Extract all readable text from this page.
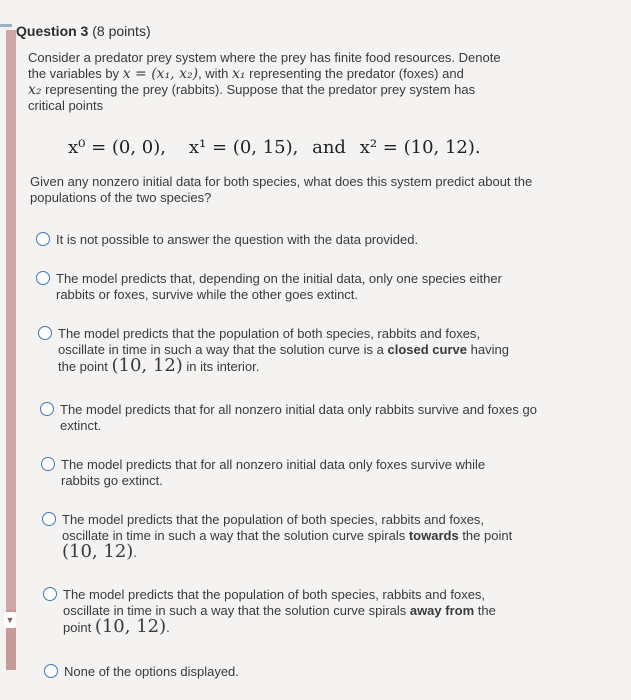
▼
Question 3 (8 points)
Consider a predator prey system where the prey has finite food resources. Denote
the variables by x = (x₁, x₂), with x₁ representing the predator (foxes) and
x₂ representing the prey (rabbits). Suppose that the predator prey system has
critical points
x⁰ = (0, 0), x¹ = (0, 15), and x² = (10, 12).
Given any nonzero initial data for both species, what does this system predict about the populations of the two species?
It is not possible to answer the question with the data provided.
The model predicts that, depending on the initial data, only one species either rabbits or foxes, survive while the other goes extinct.
The model predicts that the population of both species, rabbits and foxes, oscillate in time in such a way that the solution curve is a closed curve having the point (10, 12) in its interior.
The model predicts that for all nonzero initial data only rabbits survive and foxes go extinct.
The model predicts that for all nonzero initial data only foxes survive while rabbits go extinct.
The model predicts that the population of both species, rabbits and foxes, oscillate in time in such a way that the solution curve spirals towards the point (10, 12).
The model predicts that the population of both species, rabbits and foxes, oscillate in time in such a way that the solution curve spirals away from the point (10, 12).
None of the options displayed.
